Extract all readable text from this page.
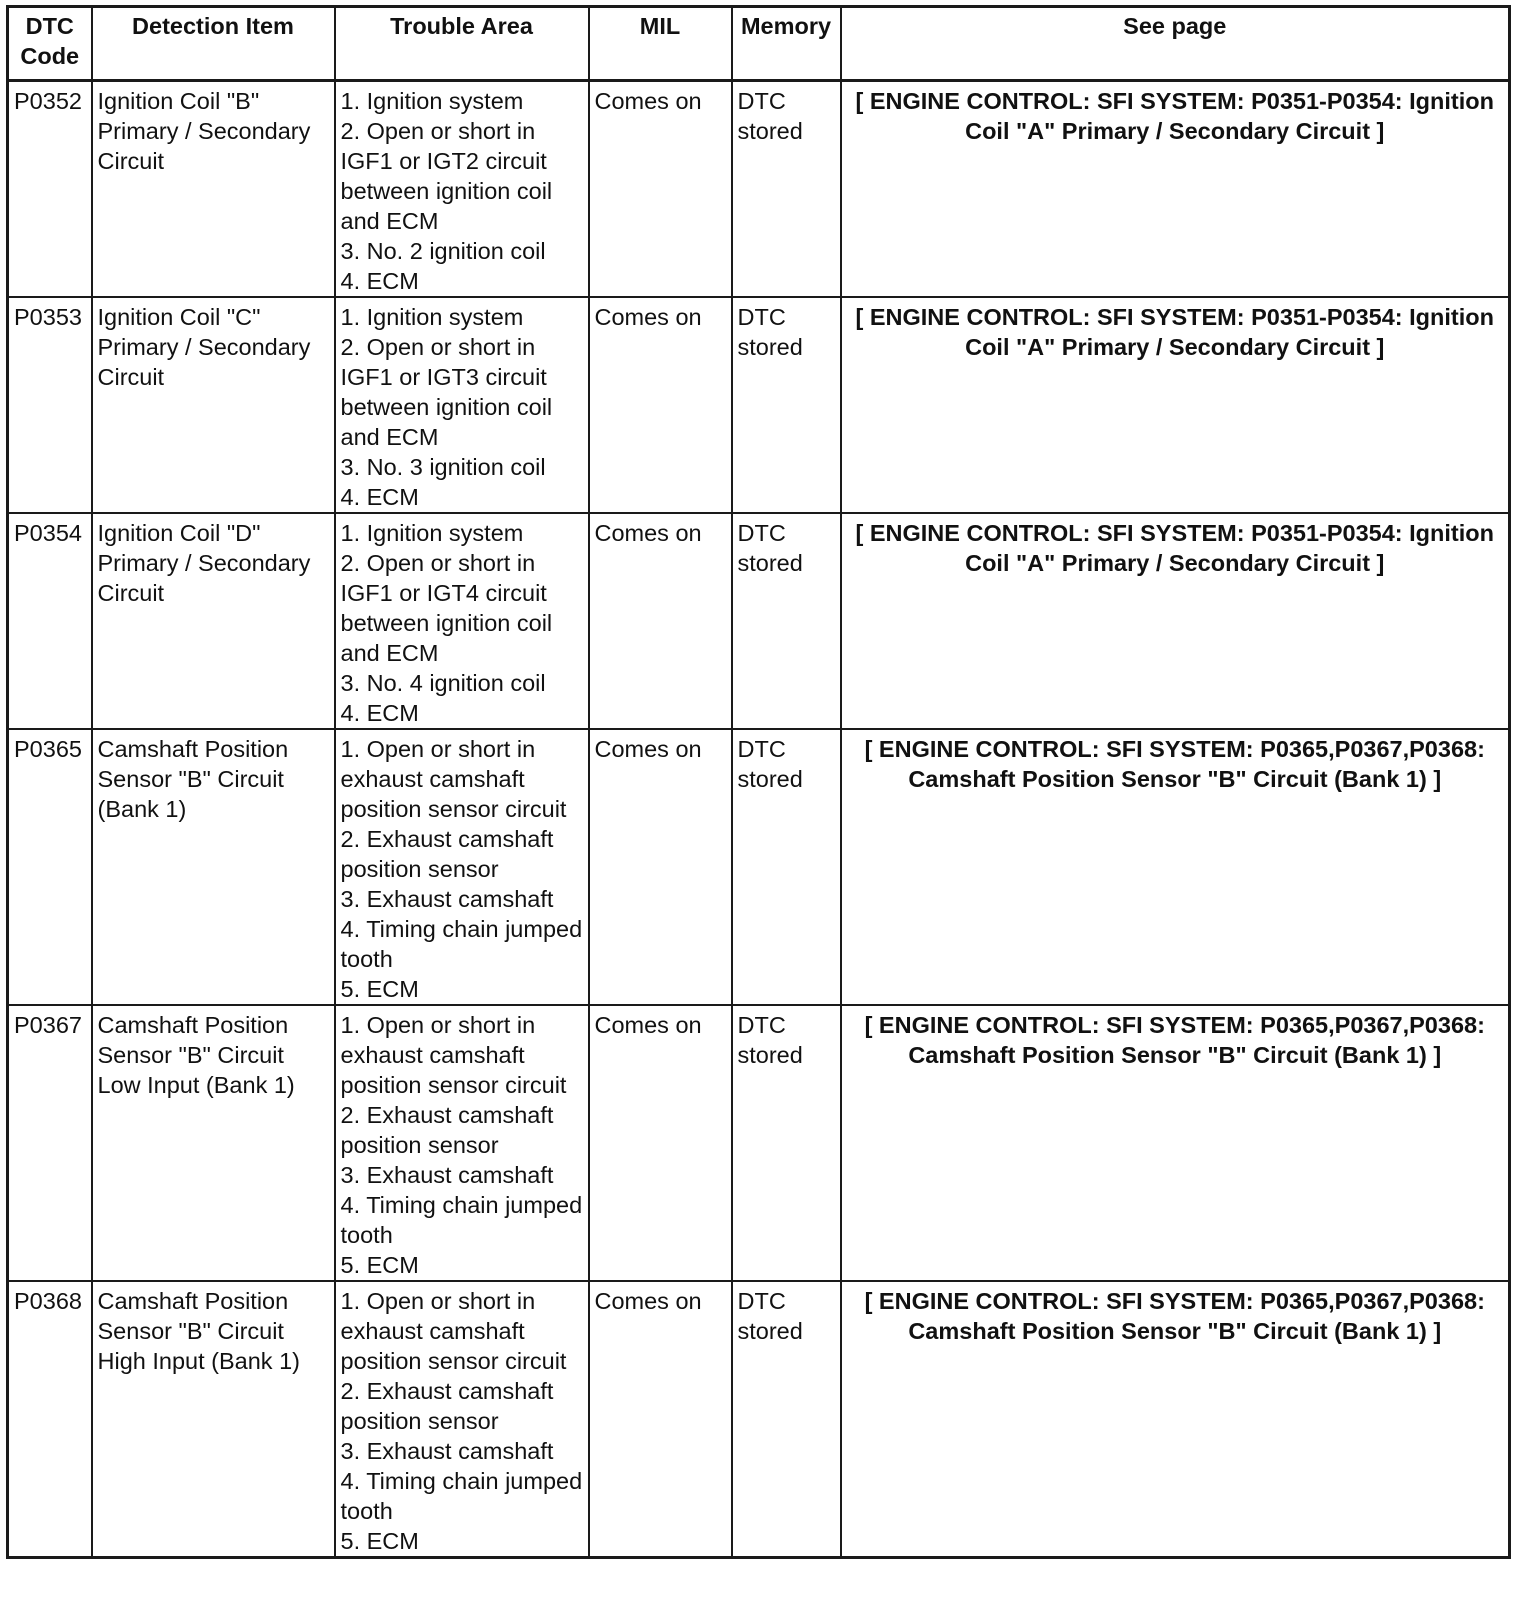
DTC Code	Detection Item	Trouble Area	MIL	Memory	See page
P0352	Ignition Coil "B" Primary / Secondary Circuit	1. Ignition system
2. Open or short in IGF1 or IGT2 circuit between ignition coil and ECM
3. No. 2 ignition coil
4. ECM	Comes on	DTC stored	[ ENGINE CONTROL: SFI SYSTEM: P0351-P0354: Ignition Coil "A" Primary / Secondary Circuit ]
P0353	Ignition Coil "C" Primary / Secondary Circuit	1. Ignition system
2. Open or short in IGF1 or IGT3 circuit between ignition coil and ECM
3. No. 3 ignition coil
4. ECM	Comes on	DTC stored	[ ENGINE CONTROL: SFI SYSTEM: P0351-P0354: Ignition Coil "A" Primary / Secondary Circuit ]
P0354	Ignition Coil "D" Primary / Secondary Circuit	1. Ignition system
2. Open or short in IGF1 or IGT4 circuit between ignition coil and ECM
3. No. 4 ignition coil
4. ECM	Comes on	DTC stored	[ ENGINE CONTROL: SFI SYSTEM: P0351-P0354: Ignition Coil "A" Primary / Secondary Circuit ]
P0365	Camshaft Position Sensor "B" Circuit (Bank 1)	1. Open or short in exhaust camshaft position sensor circuit
2. Exhaust camshaft position sensor
3. Exhaust camshaft
4. Timing chain jumped tooth
5. ECM	Comes on	DTC stored	[ ENGINE CONTROL: SFI SYSTEM: P0365,P0367,P0368: Camshaft Position Sensor "B" Circuit (Bank 1) ]
P0367	Camshaft Position Sensor "B" Circuit Low Input (Bank 1)	1. Open or short in exhaust camshaft position sensor circuit
2. Exhaust camshaft position sensor
3. Exhaust camshaft
4. Timing chain jumped tooth
5. ECM	Comes on	DTC stored	[ ENGINE CONTROL: SFI SYSTEM: P0365,P0367,P0368: Camshaft Position Sensor "B" Circuit (Bank 1) ]
P0368	Camshaft Position Sensor "B" Circuit High Input (Bank 1)	1. Open or short in exhaust camshaft position sensor circuit
2. Exhaust camshaft position sensor
3. Exhaust camshaft
4. Timing chain jumped tooth
5. ECM	Comes on	DTC stored	[ ENGINE CONTROL: SFI SYSTEM: P0365,P0367,P0368: Camshaft Position Sensor "B" Circuit (Bank 1) ]
